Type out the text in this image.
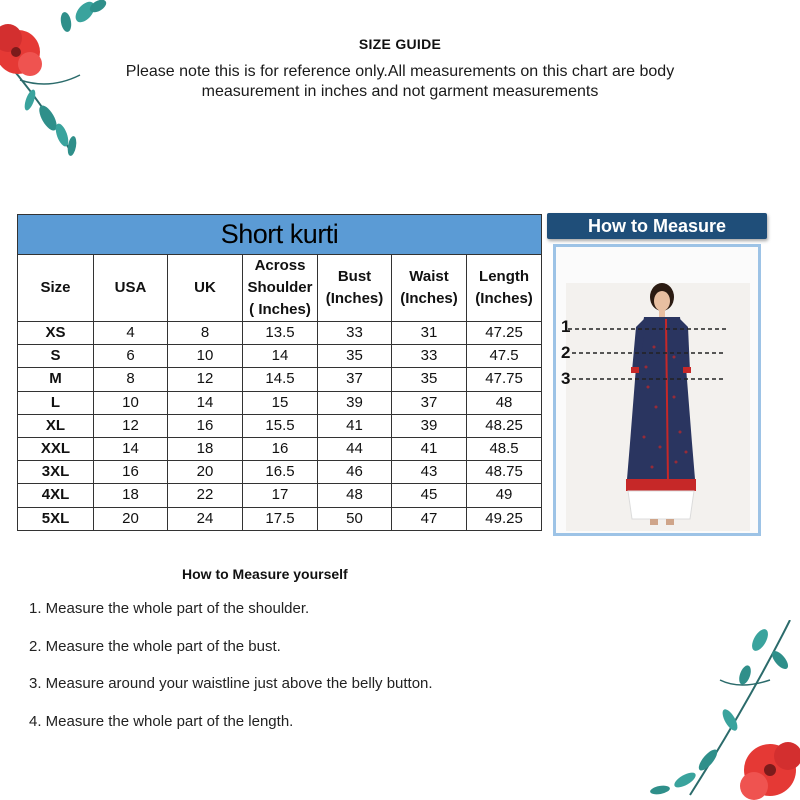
SIZE GUIDE
Please note this is for reference only.All measurements on this chart are body measurement in inches and not garment measurements
Short kurti						
Size	USA	UK	Across Shoulder ( Inches)	Bust (Inches)	Waist (Inches)	Length (Inches)
XS	4	8	13.5	33	31	47.25
S	6	10	14	35	33	47.5
M	8	12	14.5	37	35	47.75
L	10	14	15	39	37	48
XL	12	16	15.5	41	39	48.25
XXL	14	18	16	44	41	48.5
3XL	16	20	16.5	46	43	48.75
4XL	18	22	17	48	45	49
5XL	20	24	17.5	50	47	49.25
How to Measure
1
2
3
How to Measure yourself
1. Measure the whole part of the shoulder.
2. Measure the whole part of the bust.
3. Measure around your waistline just above the belly button.
4. Measure the whole part of the length.
